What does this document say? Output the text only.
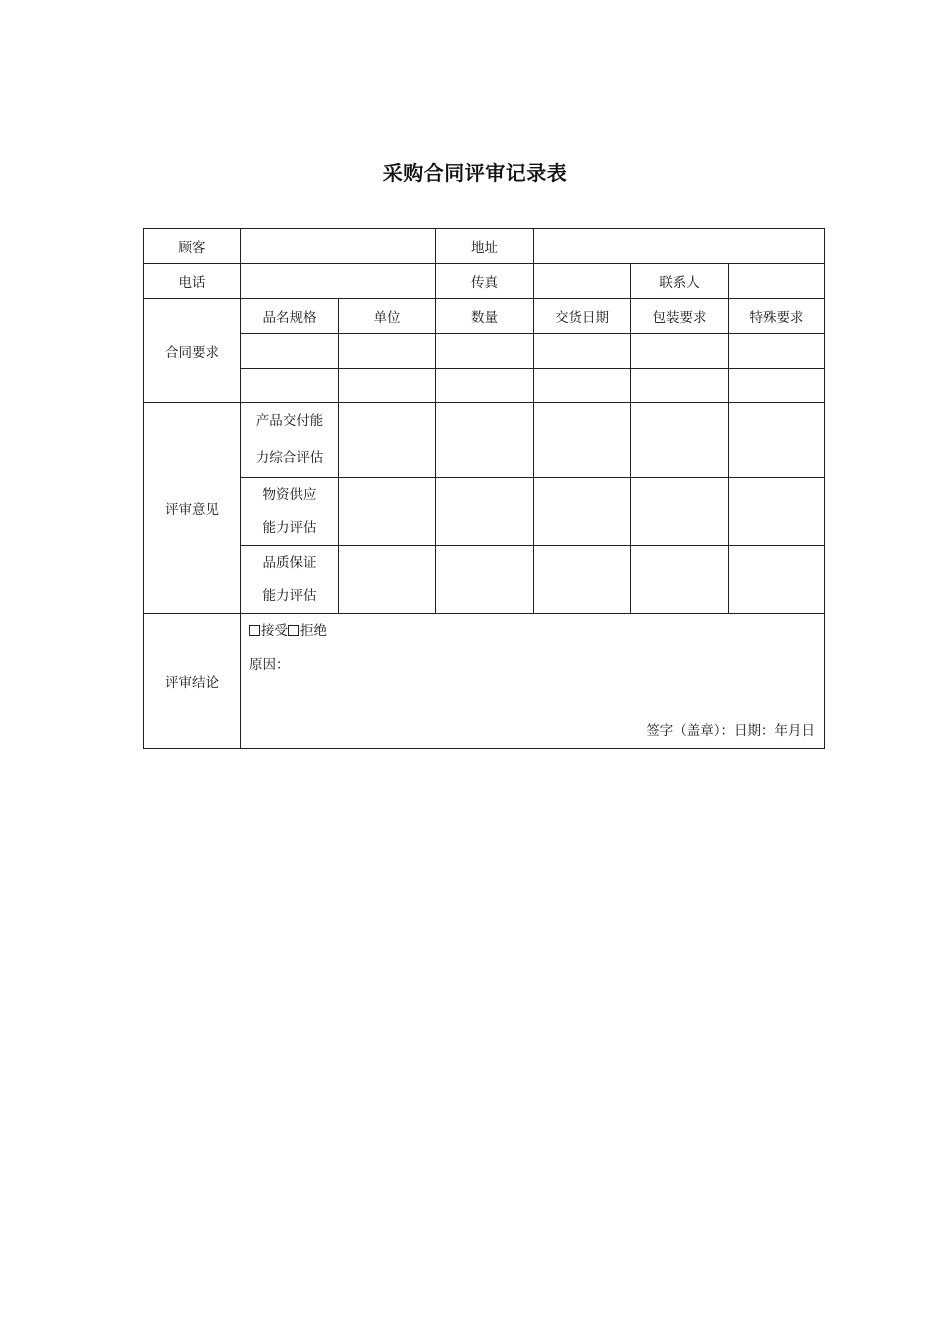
采购合同评审记录表
顾客			地址			
电话			传真		联系人	
合同要求	品名规格	单位	数量	交货日期	包装要求	特殊要求

评审意见	产品交付能
力综合评估					

	物资供应
能力评估					

	品质保证
能力评估					

评审结论	接受 拒绝
原因：
签字（盖章）：日期：年月日					
